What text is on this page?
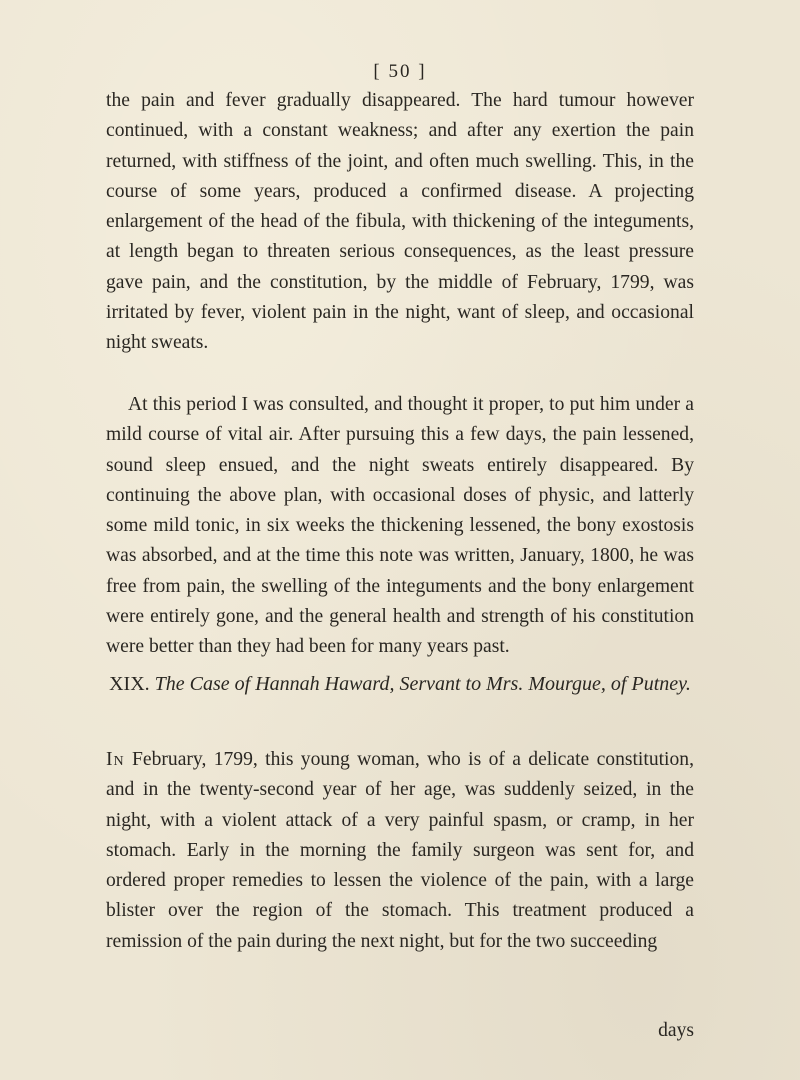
[ 50 ]

the pain and fever gradually disappeared. The hard tumour however continued, with a constant weakness; and after any exertion the pain returned, with stiffness of the joint, and often much swelling. This, in the course of some years, produced a confirmed disease. A projecting enlargement of the head of the fibula, with thickening of the integuments, at length began to threaten serious consequences, as the least pressure gave pain, and the constitution, by the middle of February, 1799, was irritated by fever, violent pain in the night, want of sleep, and occasional night sweats.

At this period I was consulted, and thought it proper, to put him under a mild course of vital air. After pursuing this a few days, the pain lessened, sound sleep ensued, and the night sweats entirely disappeared. By continuing the above plan, with occasional doses of physic, and latterly some mild tonic, in six weeks the thickening lessened, the bony exostosis was absorbed, and at the time this note was written, January, 1800, he was free from pain, the swelling of the integuments and the bony enlargement were entirely gone, and the general health and strength of his constitution were better than they had been for many years past.

XIX. The Case of Hannah Haward, Servant to Mrs. Mourgue, of Putney.

In February, 1799, this young woman, who is of a delicate constitution, and in the twenty-second year of her age, was suddenly seized, in the night, with a violent attack of a very painful spasm, or cramp, in her stomach. Early in the morning the family surgeon was sent for, and ordered proper remedies to lessen the violence of the pain, with a large blister over the region of the stomach. This treatment produced a remission of the pain during the next night, but for the two succeeding

days
